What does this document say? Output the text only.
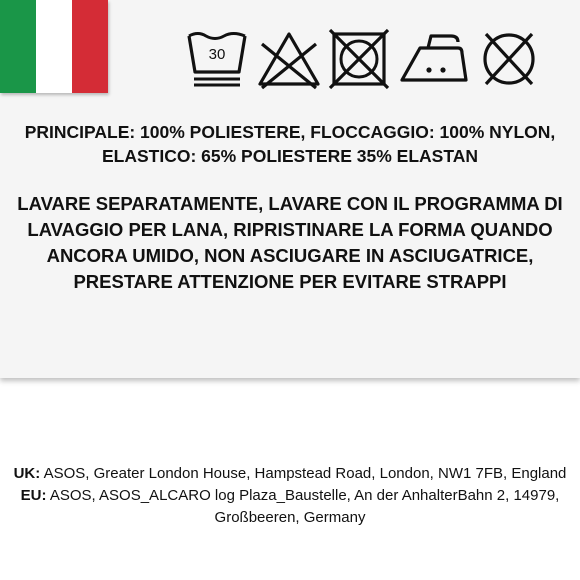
30

PRINCIPALE: 100% POLIESTERE, FLOCCAGGIO: 100% NYLON, ELASTICO: 65% POLIESTERE 35% ELASTAN

LAVARE SEPARATAMENTE, LAVARE CON IL PROGRAMMA DI LAVAGGIO PER LANA, RIPRISTINARE LA FORMA QUANDO ANCORA UMIDO, NON ASCIUGARE IN ASCIUGATRICE, PRESTARE ATTENZIONE PER EVITARE STRAPPI

UK: ASOS, Greater London House, Hampstead Road, London, NW1 7FB, England

EU: ASOS, ASOS_ALCARO log Plaza_Baustelle, An der AnhalterBahn 2, 14979, Großbeeren, Germany
